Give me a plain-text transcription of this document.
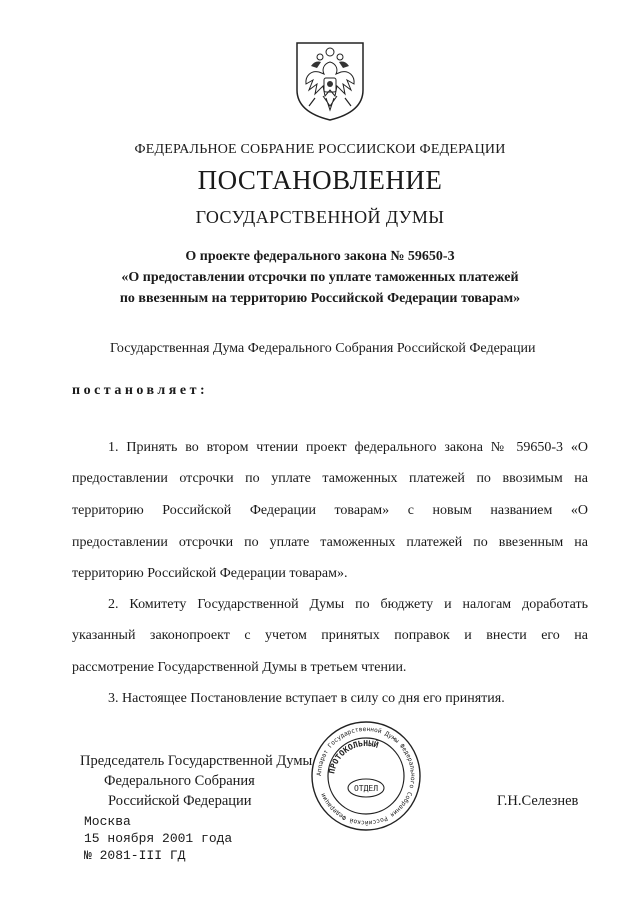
ФЕДЕРАЛЬНОЕ СОБРАНИЕ РОССИИСКОИ ФЕДЕРАЦИИ
ПОСТАНОВЛЕНИЕ
ГОСУДАРСТВЕННОЙ ДУМЫ
О проекте федерального закона № 59650-3
«О предоставлении отсрочки по уплате таможенных платежей
по ввезенным на территорию Российской Федерации товарам»
Государственная Дума Федерального Собрания Российской Федерации
постановляет:
1. Принять во втором чтении проект федерального закона № 59650-3 «О
предоставлении отсрочки по уплате таможенных платежей по ввозимым на
территорию Российской Федерации товарам» с новым названием «О
предоставлении отсрочки по уплате таможенных платежей по ввезенным на
территорию Российской Федерации товарам».
2. Комитету Государственной Думы по бюджету и налогам доработать
указанный законопроект с учетом принятых поправок и внести его на
рассмотрение Государственной Думы в третьем чтении.
3. Настоящее Постановление вступает в силу со дня его принятия.
Председатель Государственной Думы
Федерального Собрания
Российской Федерации	Г.Н.Селезнев
Москва
15 ноября 2001 года
№ 2081-III ГД
Аппарат Государственной Думы Федерального Собрания Российской Федерации
ПРОТОКОЛЬНЫЙ
ОТДЕЛ
